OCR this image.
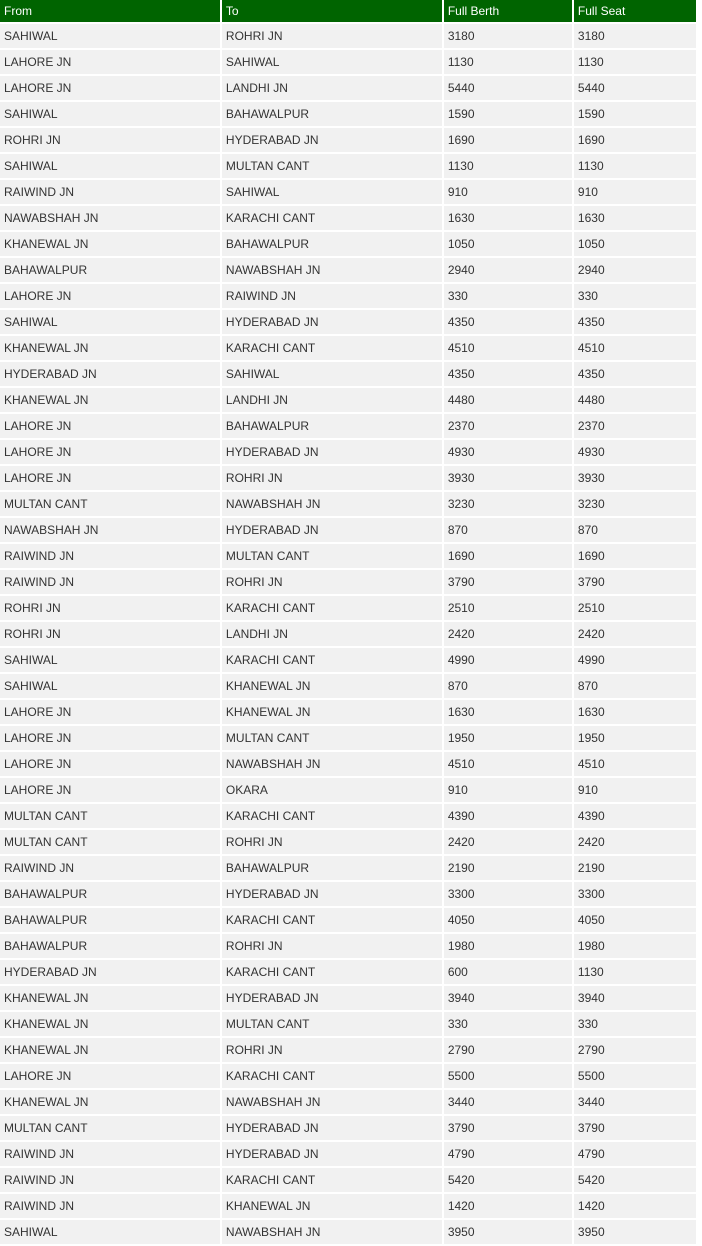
From	To	Full Berth	Full Seat
SAHIWAL	ROHRI JN	3180	3180
LAHORE JN	SAHIWAL	1130	1130
LAHORE JN	LANDHI JN	5440	5440
SAHIWAL	BAHAWALPUR	1590	1590
ROHRI JN	HYDERABAD JN	1690	1690
SAHIWAL	MULTAN CANT	1130	1130
RAIWIND JN	SAHIWAL	910	910
NAWABSHAH JN	KARACHI CANT	1630	1630
KHANEWAL JN	BAHAWALPUR	1050	1050
BAHAWALPUR	NAWABSHAH JN	2940	2940
LAHORE JN	RAIWIND JN	330	330
SAHIWAL	HYDERABAD JN	4350	4350
KHANEWAL JN	KARACHI CANT	4510	4510
HYDERABAD JN	SAHIWAL	4350	4350
KHANEWAL JN	LANDHI JN	4480	4480
LAHORE JN	BAHAWALPUR	2370	2370
LAHORE JN	HYDERABAD JN	4930	4930
LAHORE JN	ROHRI JN	3930	3930
MULTAN CANT	NAWABSHAH JN	3230	3230
NAWABSHAH JN	HYDERABAD JN	870	870
RAIWIND JN	MULTAN CANT	1690	1690
RAIWIND JN	ROHRI JN	3790	3790
ROHRI JN	KARACHI CANT	2510	2510
ROHRI JN	LANDHI JN	2420	2420
SAHIWAL	KARACHI CANT	4990	4990
SAHIWAL	KHANEWAL JN	870	870
LAHORE JN	KHANEWAL JN	1630	1630
LAHORE JN	MULTAN CANT	1950	1950
LAHORE JN	NAWABSHAH JN	4510	4510
LAHORE JN	OKARA	910	910
MULTAN CANT	KARACHI CANT	4390	4390
MULTAN CANT	ROHRI JN	2420	2420
RAIWIND JN	BAHAWALPUR	2190	2190
BAHAWALPUR	HYDERABAD JN	3300	3300
BAHAWALPUR	KARACHI CANT	4050	4050
BAHAWALPUR	ROHRI JN	1980	1980
HYDERABAD JN	KARACHI CANT	600	1130
KHANEWAL JN	HYDERABAD JN	3940	3940
KHANEWAL JN	MULTAN CANT	330	330
KHANEWAL JN	ROHRI JN	2790	2790
LAHORE JN	KARACHI CANT	5500	5500
KHANEWAL JN	NAWABSHAH JN	3440	3440
MULTAN CANT	HYDERABAD JN	3790	3790
RAIWIND JN	HYDERABAD JN	4790	4790
RAIWIND JN	KARACHI CANT	5420	5420
RAIWIND JN	KHANEWAL JN	1420	1420
SAHIWAL	NAWABSHAH JN	3950	3950
